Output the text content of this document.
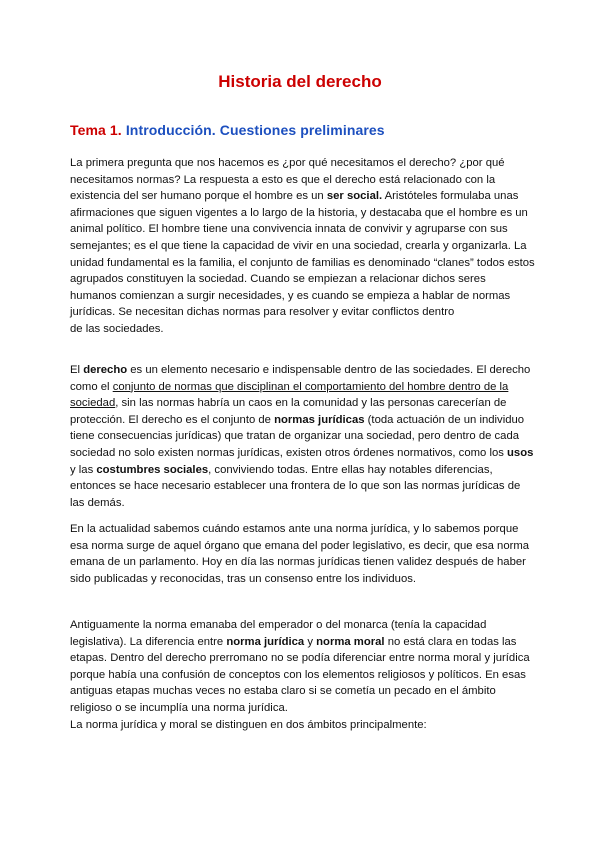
Historia del derecho
Tema 1. Introducción. Cuestiones preliminares

La primera pregunta que nos hacemos es ¿por qué necesitamos el derecho? ¿por qué necesitamos normas? La respuesta a esto es que el derecho está relacionado con la existencia del ser humano porque el hombre es un ser social. Aristóteles formulaba unas afirmaciones que siguen vigentes a lo largo de la historia, y destacaba que el hombre es un animal político. El hombre tiene una convivencia innata de convivir y agruparse con sus semejantes; es el que tiene la capacidad de vivir en una sociedad, crearla y organizarla. La unidad fundamental es la familia, el conjunto de familias es denominado “clanes” todos estos agrupados constituyen la sociedad. Cuando se empiezan a relacionar dichos seres humanos comienzan a surgir necesidades, y es cuando se empieza a hablar de normas jurídicas. Se necesitan dichas normas para resolver y evitar conflictos dentro
de las sociedades.

El derecho es un elemento necesario e indispensable dentro de las sociedades. El derecho como el conjunto de normas que disciplinan el comportamiento del hombre dentro de la sociedad, sin las normas habría un caos en la comunidad y las personas carecerían de protección. El derecho es el conjunto de normas jurídicas (toda actuación de un individuo tiene consecuencias jurídicas) que tratan de organizar una sociedad, pero dentro de cada sociedad no solo existen normas jurídicas, existen otros órdenes normativos, como los usos y las costumbres sociales, conviviendo todas. Entre ellas hay notables diferencias, entonces se hace necesario establecer una frontera de lo que son las normas jurídicas de las demás.

En la actualidad sabemos cuándo estamos ante una norma jurídica, y lo sabemos porque esa norma surge de aquel órgano que emana del poder legislativo, es decir, que esa norma emana de un parlamento. Hoy en día las normas jurídicas tienen validez después de haber sido publicadas y reconocidas, tras un consenso entre los individuos.

Antiguamente la norma emanaba del emperador o del monarca (tenía la capacidad legislativa). La diferencia entre norma jurídica y norma moral no está clara en todas las etapas. Dentro del derecho prerromano no se podía diferenciar entre norma moral y jurídica porque había una confusión de conceptos con los elementos religiosos y políticos. En esas antiguas etapas muchas veces no estaba claro si se cometía un pecado en el ámbito religioso o se incumplía una norma jurídica.
La norma jurídica y moral se distinguen en dos ámbitos principalmente:
